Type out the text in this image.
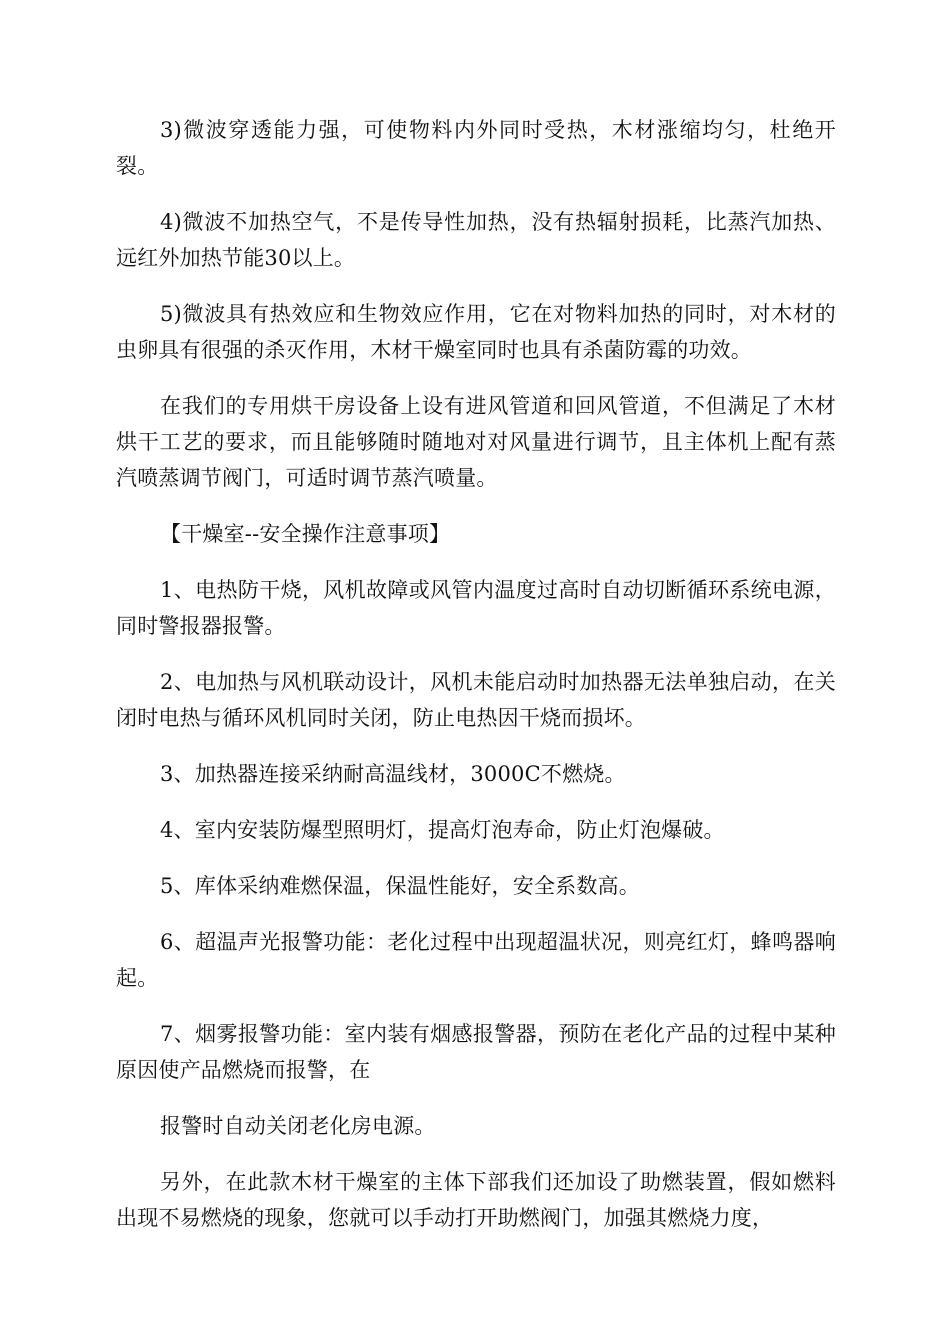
3)微波穿透能力强，可使物料内外同时受热，木材涨缩均匀，杜绝开裂。

4)微波不加热空气，不是传导性加热，没有热辐射损耗，比蒸汽加热、远红外加热节能30以上。

5)微波具有热效应和生物效应作用，它在对物料加热的同时，对木材的虫卵具有很强的杀灭作用，木材干燥室同时也具有杀菌防霉的功效。

在我们的专用烘干房设备上设有进风管道和回风管道，不但满足了木材烘干工艺的要求，而且能够随时随地对对风量进行调节，且主体机上配有蒸汽喷蒸调节阀门，可适时调节蒸汽喷量。

【干燥室--安全操作注意事项】

1、电热防干烧，风机故障或风管内温度过高时自动切断循环系统电源，同时警报器报警。

2、电加热与风机联动设计，风机未能启动时加热器无法单独启动，在关闭时电热与循环风机同时关闭，防止电热因干烧而损坏。

3、加热器连接采纳耐高温线材，3000C不燃烧。

4、室内安装防爆型照明灯，提高灯泡寿命，防止灯泡爆破。

5、库体采纳难燃保温，保温性能好，安全系数高。

6、超温声光报警功能：老化过程中出现超温状况，则亮红灯，蜂鸣器响起。

7、烟雾报警功能：室内装有烟感报警器，预防在老化产品的过程中某种原因使产品燃烧而报警，在

报警时自动关闭老化房电源。

另外，在此款木材干燥室的主体下部我们还加设了助燃装置，假如燃料出现不易燃烧的现象，您就可以手动打开助燃阀门，加强其燃烧力度，
